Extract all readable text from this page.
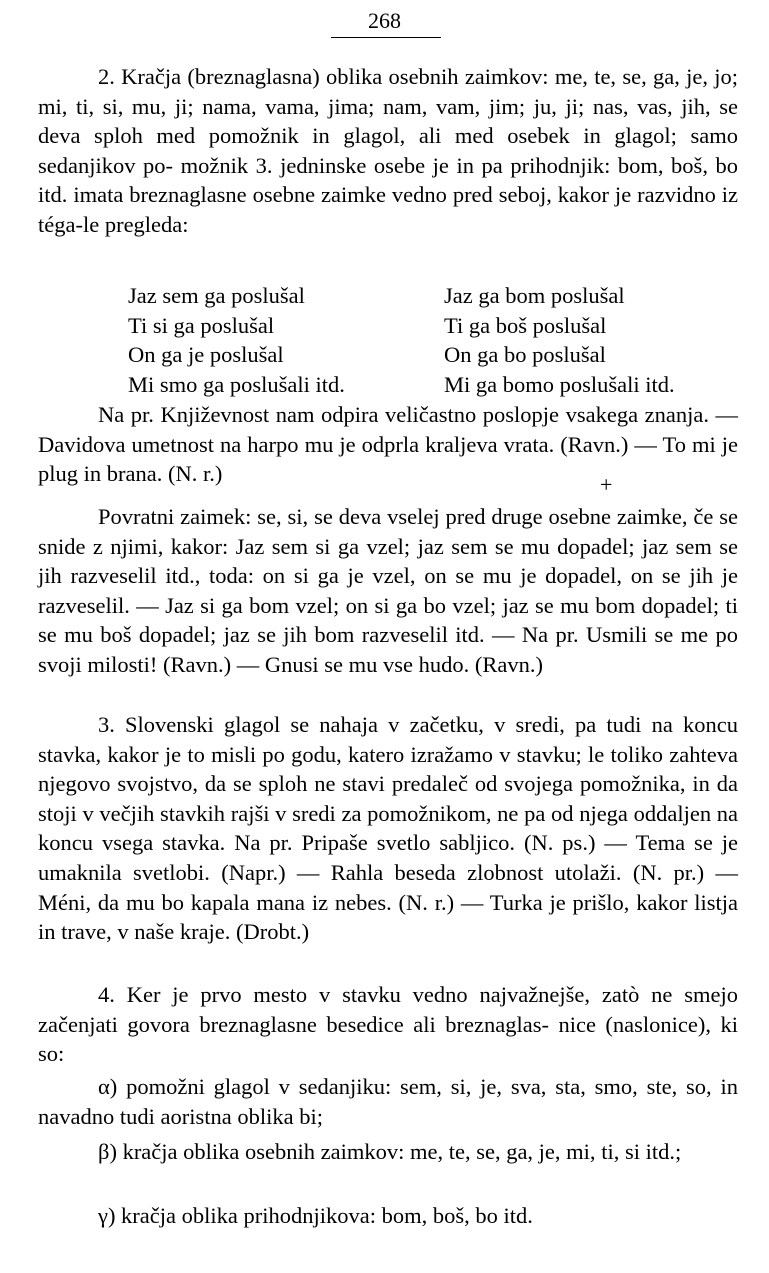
268
2. Kračja (breznaglasna) oblika osebnih zaimkov: me, te, se, ga, je, jo; mi, ti, si, mu, ji; nama, vama, jima; nam, vam, jim; ju, ji; nas, vas, jih, se deva sploh med pomožnik in glagol, ali med osebek in glagol; samo sedanjikov po- možnik 3. jedninske osebe je in pa prihodnjik: bom, boš, bo itd. imata breznaglasne osebne zaimke vedno pred seboj, kakor je razvidno iz téga-le pregleda:
Jaz sem ga poslušal
Ti si ga poslušal
On ga je poslušal
Mi smo ga poslušali itd.
Jaz ga bom poslušal
Ti ga boš poslušal
On ga bo poslušal
Mi ga bomo poslušali itd.
Na pr. Književnost nam odpira veličastno poslopje vsakega znanja. — Davidova umetnost na harpo mu je odprla kraljeva vrata. (Ravn.) — To mi je plug in brana. (N. r.)	+
Povratni zaimek: se, si, se deva vselej pred druge osebne zaimke, če se snide z njimi, kakor: Jaz sem si ga vzel; jaz sem se mu dopadel; jaz sem se jih razveselil itd., toda: on si ga je vzel, on se mu je dopadel, on se jih je razveselil. — Jaz si ga bom vzel; on si ga bo vzel; jaz se mu bom dopadel; ti se mu boš dopadel; jaz se jih bom razveselil itd. — Na pr. Usmili se me po svoji milosti! (Ravn.) — Gnusi se mu vse hudo. (Ravn.)
3. Slovenski glagol se nahaja v začetku, v sredi, pa tudi na koncu stavka, kakor je to misli po godu, katero izražamo v stavku; le toliko zahteva njegovo svojstvo, da se sploh ne stavi predaleč od svojega pomožnika, in da stoji v večjih stavkih rajši v sredi za pomožnikom, ne pa od njega oddaljen na koncu vsega stavka. Na pr. Pripaše svetlo sabljico. (N. ps.) — Tema se je umaknila svetlobi. (Napr.) — Rahla beseda zlobnost utolaži. (N. pr.) — Méni, da mu bo kapala mana iz nebes. (N. r.) — Turka je prišlo, kakor listja in trave, v naše kraje. (Drobt.)
4. Ker je prvo mesto v stavku vedno najvažnejše, zatò ne smejo začenjati govora breznaglasne besedice ali breznaglas- nice (naslonice), ki so:
α) pomožni glagol v sedanjiku: sem, si, je, sva, sta, smo, ste, so, in navadno tudi aoristna oblika bi;
β) kračja oblika osebnih zaimkov: me, te, se, ga, je, mi, ti, si itd.;
γ) kračja oblika prihodnjikova: bom, boš, bo itd.
